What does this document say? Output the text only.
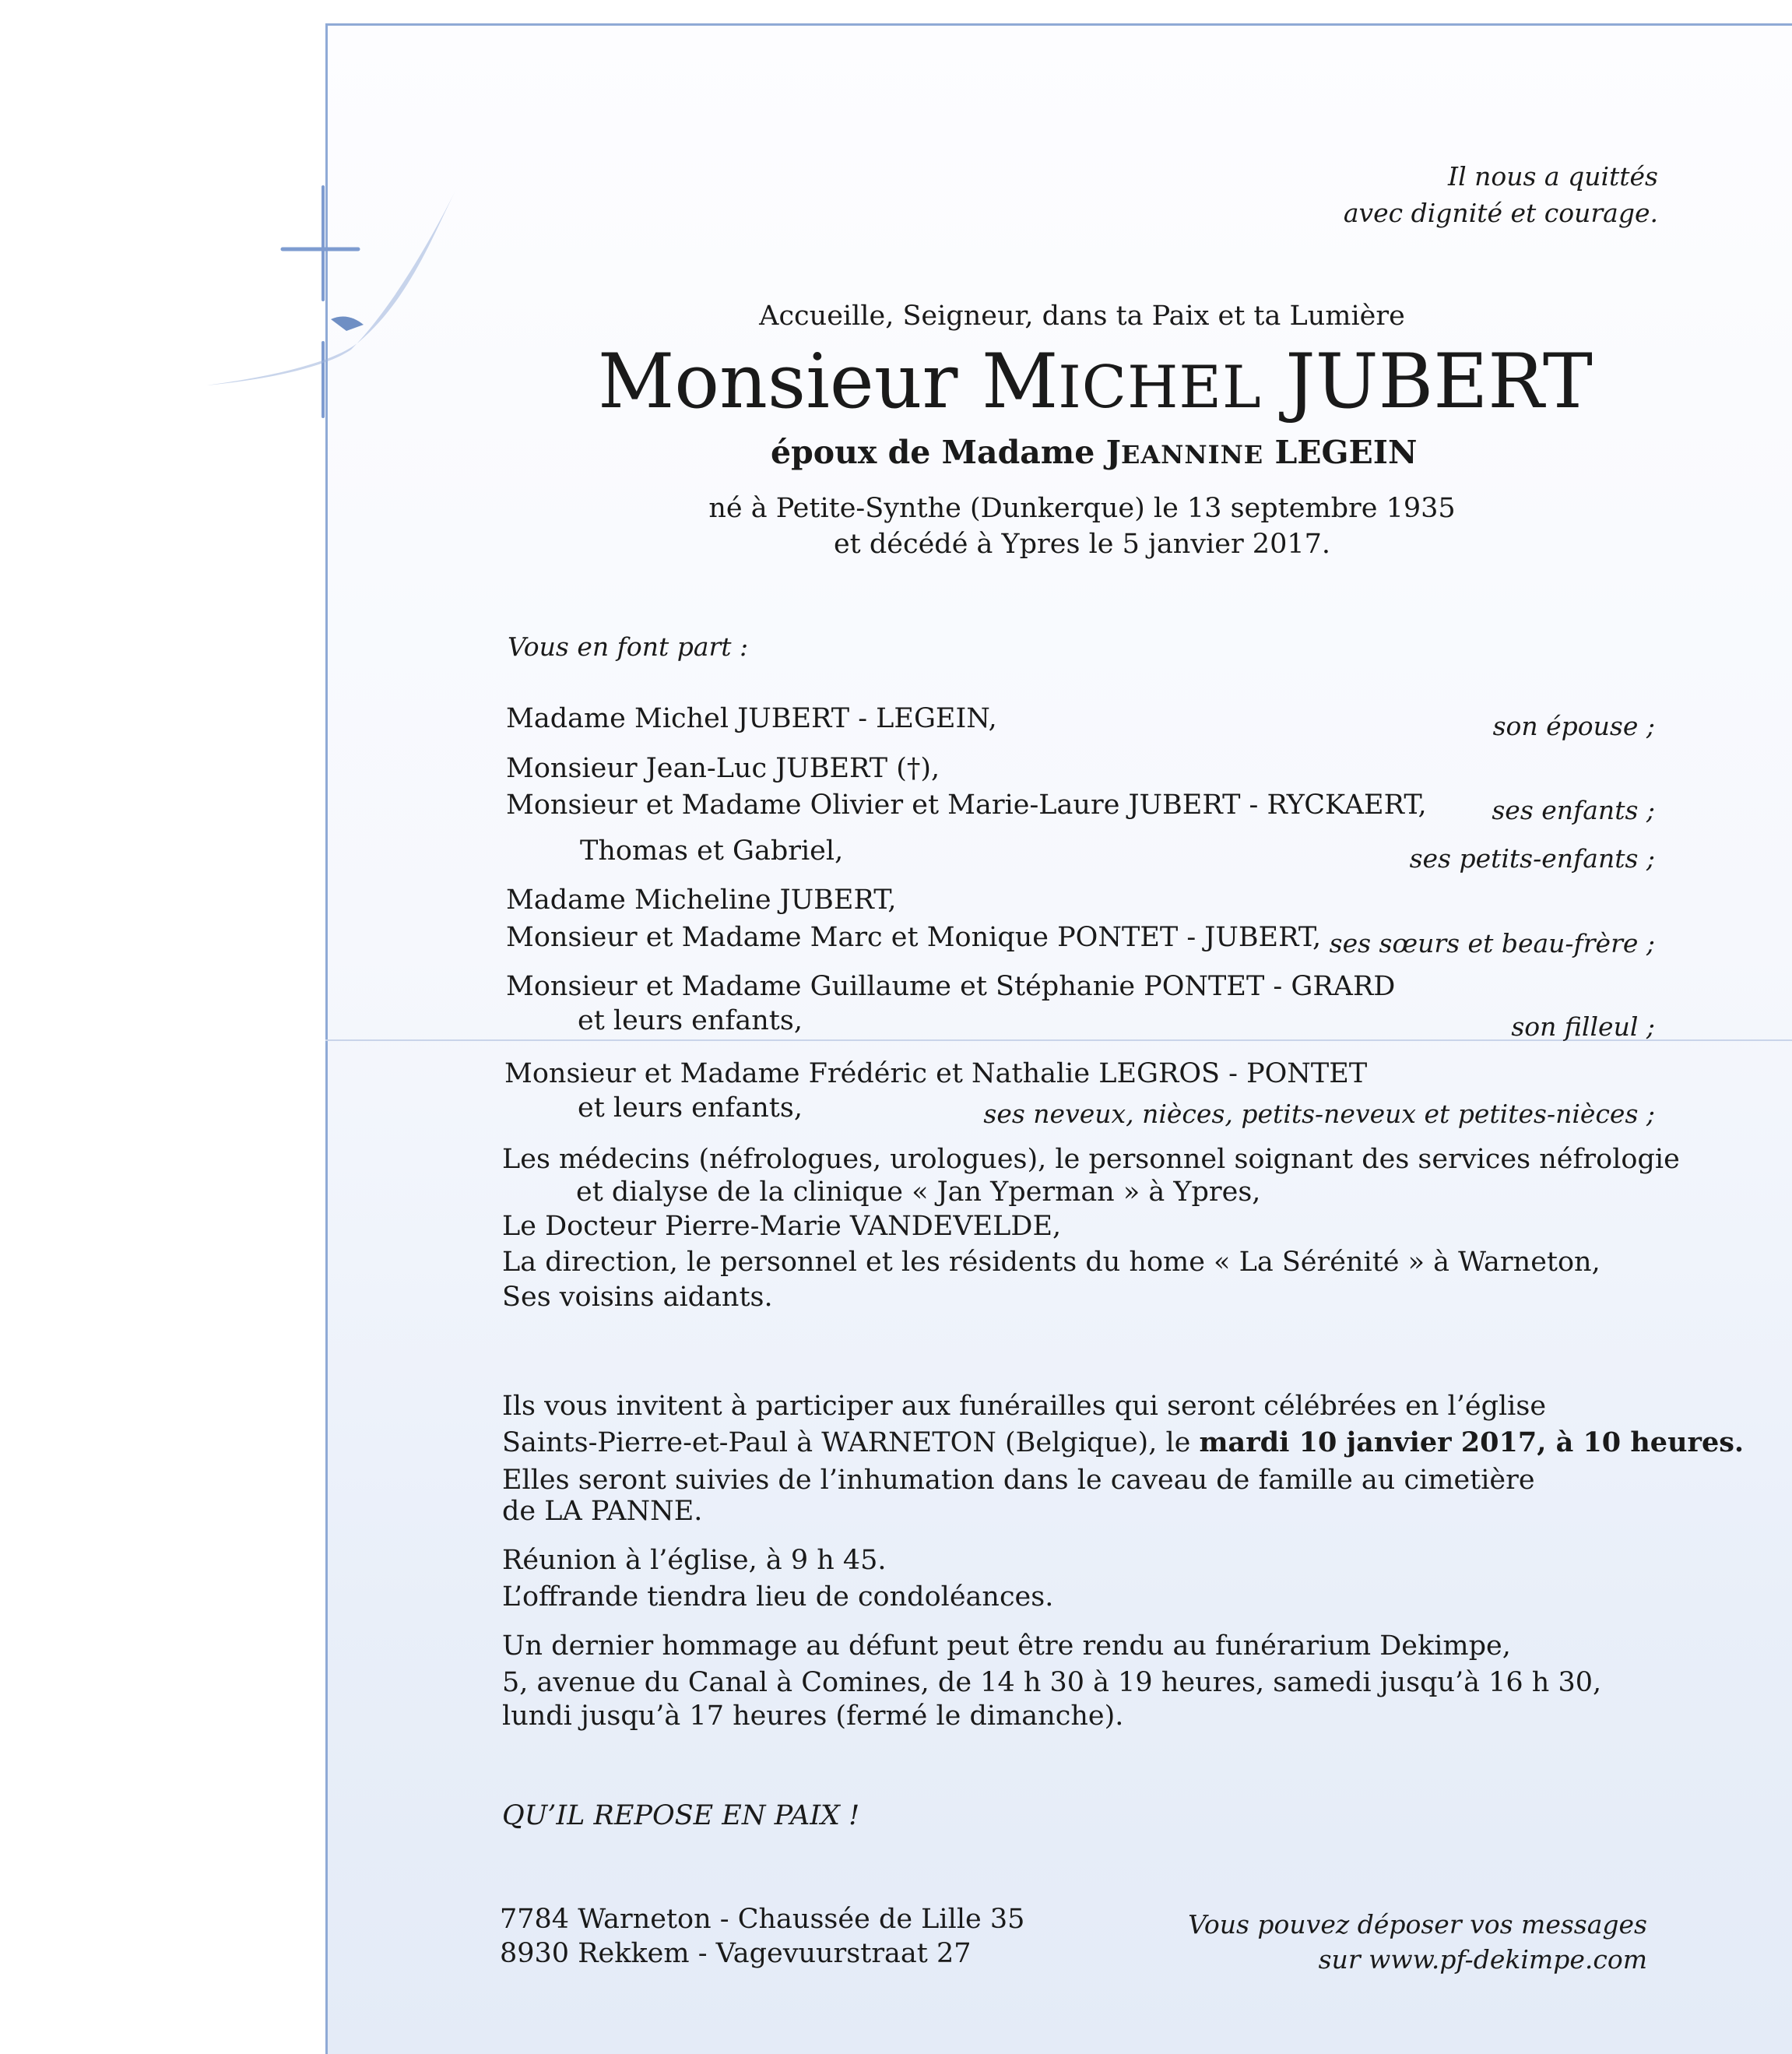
Il nous a quittés
avec dignité et courage.
Accueille, Seigneur, dans ta Paix et ta Lumière
Monsieur MICHEL JUBERT
époux de Madame JEANNINE LEGEIN
né à Petite-Synthe (Dunkerque) le 13 septembre 1935
et décédé à Ypres le 5 janvier 2017.
Vous en font part :
Madame Michel JUBERT - LEGEIN,	son épouse ;
Monsieur Jean-Luc JUBERT (†),
Monsieur et Madame Olivier et Marie-Laure JUBERT - RYCKAERT,	ses enfants ;
Thomas et Gabriel,	ses petits-enfants ;
Madame Micheline JUBERT,
Monsieur et Madame Marc et Monique PONTET - JUBERT, ses sœurs et beau-frère ;
Monsieur et Madame Guillaume et Stéphanie PONTET - GRARD
et leurs enfants,	son filleul ;
Monsieur et Madame Frédéric et Nathalie LEGROS - PONTET
et leurs enfants,	ses neveux, nièces, petits-neveux et petites-nièces ;
Les médecins (néfrologues, urologues), le personnel soignant des services néfrologie
et dialyse de la clinique « Jan Yperman » à Ypres,
Le Docteur Pierre-Marie VANDEVELDE,
La direction, le personnel et les résidents du home « La Sérénité » à Warneton,
Ses voisins aidants.
Ils vous invitent à participer aux funérailles qui seront célébrées en l’église
Saints-Pierre-et-Paul à WARNETON (Belgique), le mardi 10 janvier 2017, à 10 heures.
Elles seront suivies de l’inhumation dans le caveau de famille au cimetière
de LA PANNE.
Réunion à l’église, à 9 h 45.
L’offrande tiendra lieu de condoléances.
Un dernier hommage au défunt peut être rendu au funérarium Dekimpe,
5, avenue du Canal à Comines, de 14 h 30 à 19 heures, samedi jusqu’à 16 h 30,
lundi jusqu’à 17 heures (fermé le dimanche).
QU’IL REPOSE EN PAIX !
7784 Warneton - Chaussée de Lille 35
8930 Rekkem - Vagevuurstraat 27
Vous pouvez déposer vos messages
sur www.pf-dekimpe.com
